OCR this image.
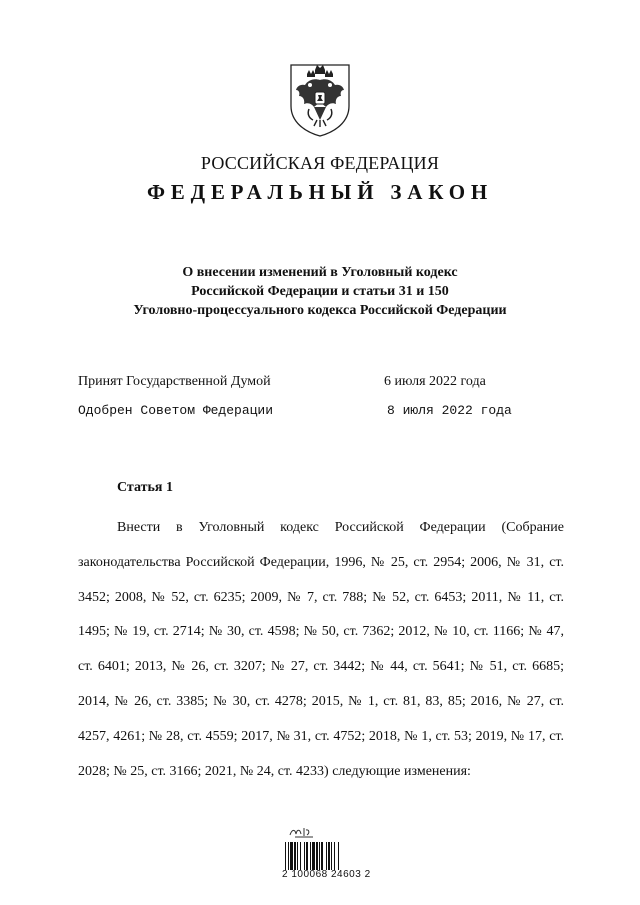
РОССИЙСКАЯ ФЕДЕРАЦИЯ
ФЕДЕРАЛЬНЫЙ ЗАКОН
О внесении изменений в Уголовный кодекс
Российской Федерации и статьи 31 и 150
Уголовно-процессуального кодекса Российской Федерации
Принят Государственной Думой	6 июля 2022 года
Одобрен Советом Федерации	8 июля 2022 года
Статья 1

Внести в Уголовный кодекс Российской Федерации (Собрание законодательства Российской Федерации, 1996, № 25, ст. 2954; 2006, № 31, ст. 3452; 2008, № 52, ст. 6235; 2009, № 7, ст. 788; № 52, ст. 6453; 2011, № 11, ст. 1495; № 19, ст. 2714; № 30, ст. 4598; № 50, ст. 7362; 2012, № 10, ст. 1166; № 47, ст. 6401; 2013, № 26, ст. 3207; № 27, ст. 3442; № 44, ст. 5641; № 51, ст. 6685; 2014, № 26, ст. 3385; № 30, ст. 4278; 2015, № 1, ст. 81, 83, 85; 2016, № 27, ст. 4257, 4261; № 28, ст. 4559; 2017, № 31, ст. 4752; 2018, № 1, ст. 53; 2019, № 17, ст. 2028; № 25, ст. 3166; 2021, № 24, ст. 4233) следующие изменения:

2 100068 24603 2
